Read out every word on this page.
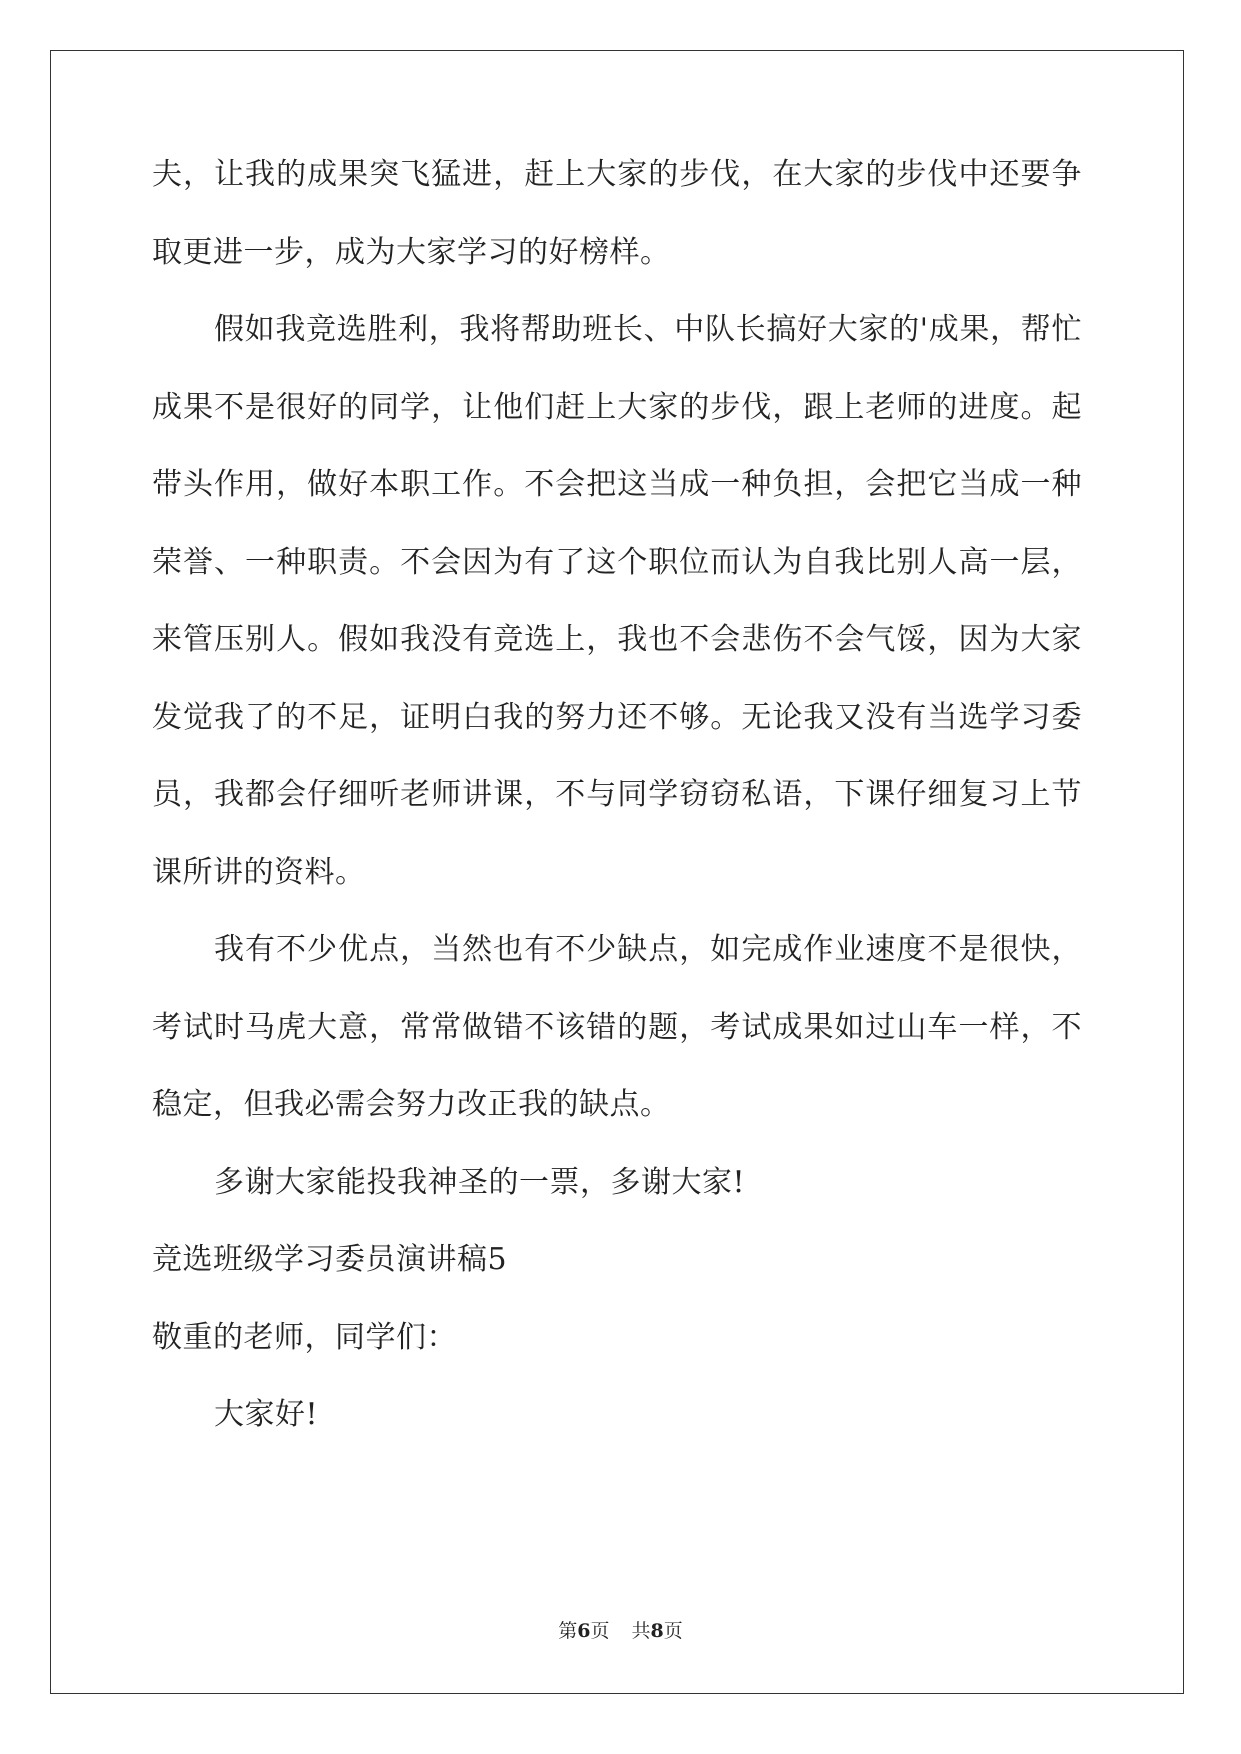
夫，让我的成果突飞猛进，赶上大家的步伐，在大家的步伐中还要争
取更进一步，成为大家学习的好榜样。
假如我竞选胜利，我将帮助班长、中队长搞好大家的'成果，帮忙
成果不是很好的同学，让他们赶上大家的步伐，跟上老师的进度。起
带头作用，做好本职工作。不会把这当成一种负担，会把它当成一种
荣誉、一种职责。不会因为有了这个职位而认为自我比别人高一层，
来管压别人。假如我没有竞选上，我也不会悲伤不会气馁，因为大家
发觉我了的不足，证明白我的努力还不够。无论我又没有当选学习委
员，我都会仔细听老师讲课，不与同学窃窃私语，下课仔细复习上节
课所讲的资料。
我有不少优点，当然也有不少缺点，如完成作业速度不是很快，
考试时马虎大意，常常做错不该错的题，考试成果如过山车一样，不
稳定，但我必需会努力改正我的缺点。
多谢大家能投我神圣的一票，多谢大家!
竞选班级学习委员演讲稿5
敬重的老师，同学们：
大家好!
第6页 共8页
